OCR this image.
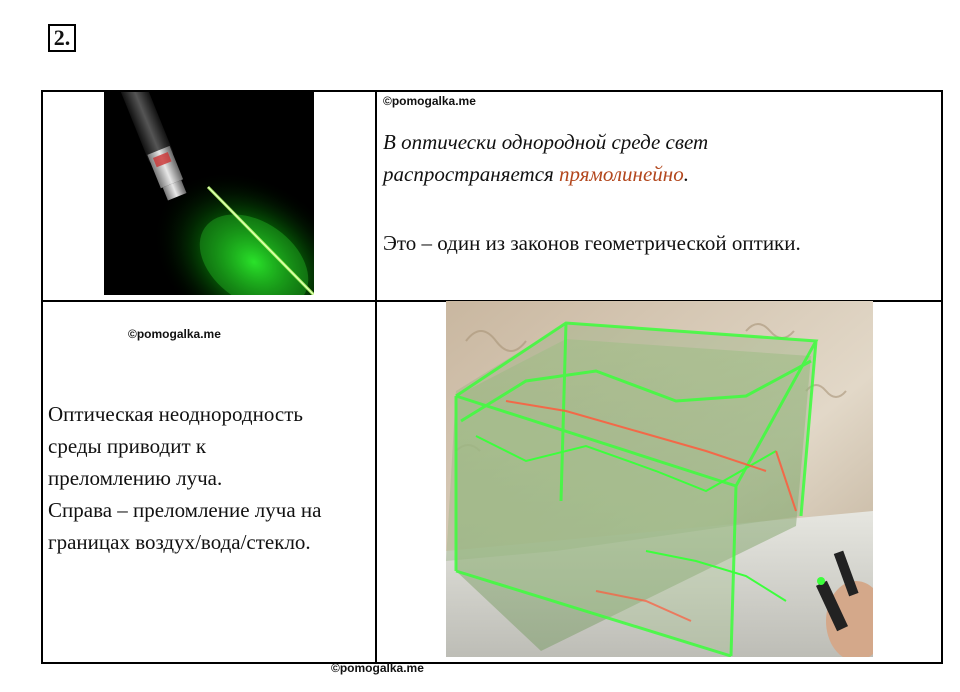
2.
©pomogalka.me
В оптически однородной среде свет
распространяется прямолинейно.
Это – один из законов геометрической оптики.
©pomogalka.me

Оптическая неоднородность

среды приводит к

преломлению луча.

Справа – преломление луча на

границах воздух/вода/стекло.

©pomogalka.me
